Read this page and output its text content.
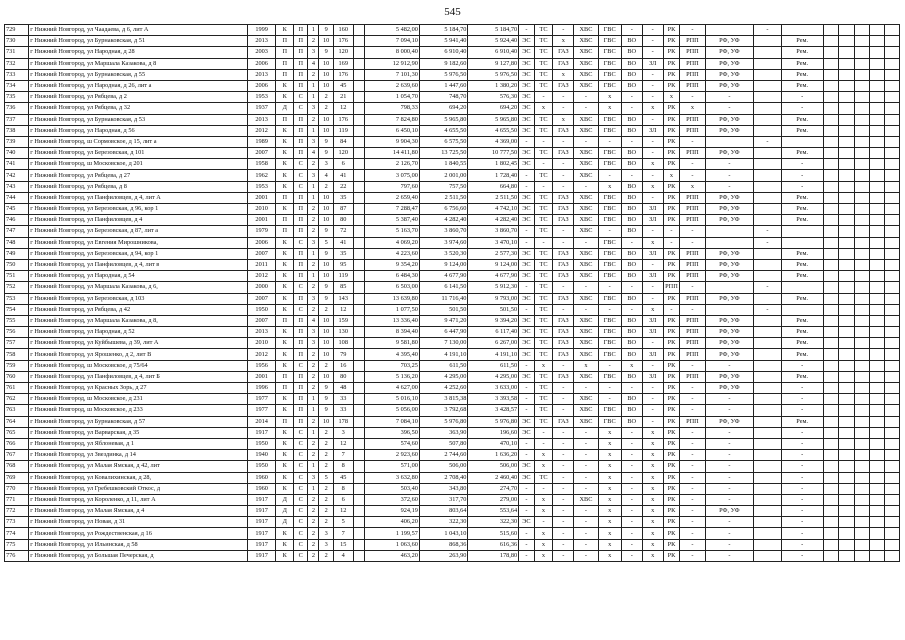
545
729	г Нижний Новгород, ул Чаадаева, д 6, лит А	1999	К	П	1	9	160		5 482,00	5 184,70	5 184,70	-	ТС	-	ХВС	ГВС	-	-	РК	-		-						
730	г Нижний Новгород, ул Бурнаковская, д 51	2013	П	П	2	10	176		7 094,10	5 941,40	5 924,40	ЭС	ТС	х	ХВС	ГВС	ВО	-	РК	РПП	РФ, УФ		Рем.					
731	г Нижний Новгород, ул Народная, д 28	2003	П	П	3	9	120		8 000,40	6 910,40	6 910,40	ЭС	ТС	ГАЗ	ХВС	ГВС	ВО	-	РК	РПП	РФ, УФ		Рем.					
732	г Нижний Новгород, ул Маршала Казакова, д 8	2006	П	П	4	10	169		12 912,90	9 182,60	9 127,80	ЭС	ТС	ГАЗ	ХВС	ГВС	ВО	ЗЛ	РК	РПП	РФ, УФ		Рем.					
733	г Нижний Новгород, ул Бурнаковская, д 55	2013	П	П	2	10	176		7 101,30	5 976,50	5 976,50	ЭС	ТС	х	ХВС	ГВС	ВО	-	РК	РПП	РФ, УФ		Рем.					
734	г Нижний Новгород, ул Народная, д 26, лит а	2006	К	П	1	10	45		2 639,60	1 447,60	1 380,20	ЭС	ТС	ГАЗ	ХВС	ГВС	ВО	-	РК	РПП	РФ, УФ		Рем.					
735	г Нижний Новгород, ул Рябцева, д 2	1953	К	С	1	2	21		1 054,70	748,70	576,30	ЭС	-	-	-	х	-	-	х	-	-		-					
736	г Нижний Новгород, ул Рябцева, д 32	1937	Д	С	3	2	12		798,33	694,20	694,20	ЭС	х	-	-	х	-	х	РК	х	-		-					
737	г Нижний Новгород, ул Бурнаковская, д 53	2013	П	П	2	10	176		7 824,80	5 965,80	5 965,80	ЭС	ТС	х	ХВС	ГВС	ВО	-	РК	РПП	РФ, УФ		Рем.					
738	г Нижний Новгород, ул Народная, д 56	2012	К	П	1	10	119		6 450,10	4 655,50	4 655,50	ЭС	ТС	ГАЗ	ХВС	ГВС	ВО	ЗЛ	РК	РПП	РФ, УФ		Рем.					
739	г Нижний Новгород, ш Сормовское, д 15, лит а	1989	К	П	3	9	84		9 904,30	6 575,50	4 369,00	-	-	-	-	-	-	-	РК	-		-						
740	г Нижний Новгород, ул Березовская, д 101	2007	К	П	4	9	120		14 411,80	13 725,50	10 777,50	ЭС	ТС	ГАЗ	ХВС	ГВС	ВО	-	РК	РПП	РФ, УФ		Рем.					
741	г Нижний Новгород, ш Московское, д 201	1958	К	С	2	3	6		2 126,70	1 840,55	1 802,45	ЭС	-	-	ХВС	ГВС	ВО	х	РК	-	-		-					
742	г Нижний Новгород, ул Рябцева, д 27	1962	К	С	3	4	41		3 075,00	2 001,00	1 728,40	-	ТС	-	ХВС	-	-	-	х	-	-		-					
743	г Нижний Новгород, ул Рябцева, д 8	1953	К	С	1	2	22		797,60	757,50	664,80	-	-	-	-	х	ВО	х	РК	х	-		-					
744	г Нижний Новгород, ул Панфиловцев, д 4, лит А	2001	П	П	1	10	35		2 659,40	2 511,50	2 511,50	ЭС	ТС	ГАЗ	ХВС	ГВС	ВО	-	РК	РПП	РФ, УФ		Рем.					
745	г Нижний Новгород, ул Березовская, д 96, кор 1	2010	К	П	2	10	87		7 288,47	6 756,60	4 742,10	ЭС	ТС	ГАЗ	ХВС	ГВС	ВО	ЗЛ	РК	РПП	РФ, УФ		Рем.					
746	г Нижний Новгород, ул Панфиловцев, д 4	2001	П	П	2	10	80		5 387,40	4 282,40	4 282,40	ЭС	ТС	ГАЗ	ХВС	ГВС	ВО	ЗЛ	РК	РПП	РФ, УФ		Рем.					
747	г Нижний Новгород, ул Березовская, д 87, лит а	1979	П	П	2	9	72		5 163,70	3 860,70	3 860,70	-	ТС	-	ХВС	-	ВО	-	-	-		-						
748	г Нижний Новгород, ул Евгения Мирошникова,	2006	К	С	3	5	41		4 069,20	3 974,60	3 470,10	-	-	-	-	ГВС	-	х	-	-		-						
749	г Нижний Новгород, ул Березовская, д 94, кор 1	2007	К	П	1	9	35		4 223,60	3 520,30	2 577,30	ЭС	ТС	ГАЗ	ХВС	ГВС	ВО	ЗЛ	РК	РПП	РФ, УФ		Рем.					
750	г Нижний Новгород, ул Панфиловцев, д 4, лит в	2011	К	П	2	10	95		9 354,20	9 124,00	9 124,00	ЭС	ТС	ГАЗ	ХВС	ГВС	ВО	-	РК	РПП	РФ, УФ		Рем.					
751	г Нижний Новгород, ул Народная, д 54	2012	К	П	1	10	119		6 484,30	4 677,90	4 677,90	ЭС	ТС	ГАЗ	ХВС	ГВС	ВО	ЗЛ	РК	РПП	РФ, УФ		Рем.					
752	г Нижний Новгород, ул Маршала Казакова, д 6,	2000	К	С	2	9	85		6 503,00	6 141,50	5 912,30	-	ТС	-	-	-	-	-	РПП	-		-						
753	г Нижний Новгород, ул Березовская, д 103	2007	К	П	3	9	143		13 639,80	11 716,40	9 793,00	ЭС	ТС	ГАЗ	ХВС	ГВС	ВО	-	РК	РПП	РФ, УФ		Рем.					
754	г Нижний Новгород, ул Рябцева, д 42	1950	К	С	2	2	12		1 077,50	501,50	501,50	-	ТС	-	-	-	-	х	-	-		-						
755	г Нижний Новгород, ул Маршала Казакова, д 8,	2007	П	П	4	10	159		13 336,40	9 471,20	9 394,20	ЭС	ТС	ГАЗ	ХВС	ГВС	ВО	ЗЛ	РК	РПП	РФ, УФ		Рем.					
756	г Нижний Новгород, ул Народная, д 52	2013	К	П	3	10	130		8 394,40	6 447,90	6 117,40	ЭС	ТС	ГАЗ	ХВС	ГВС	ВО	ЗЛ	РК	РПП	РФ, УФ		Рем.					
757	г Нижний Новгород, ул Куйбышева, д 39, лит А	2010	К	П	3	10	108		9 581,80	7 130,00	6 267,00	ЭС	ТС	ГАЗ	ХВС	ГВС	ВО	-	РК	РПП	РФ, УФ		Рем.					
758	г Нижний Новгород, ул Ярошенко, д 2, лит В	2012	К	П	2	10	79		4 395,40	4 191,10	4 191,10	ЭС	ТС	ГАЗ	ХВС	ГВС	ВО	ЗЛ	РК	РПП	РФ, УФ		Рем.					
759	г Нижний Новгород, ш Московское, д 75/64	1956	К	С	2	2	16		703,25	611,50	611,50	-	х	-	х	-	х	-	РК	-	-		-					
760	г Нижний Новгород, ул Панфиловцев, д 4, лит Б	2001	П	П	2	10	80		5 136,20	4 295,00	4 295,00	ЭС	ТС	ГАЗ	ХВС	ГВС	ВО	ЗЛ	РК	РПП	РФ, УФ		Рем.					
761	г Нижний Новгород, ул Красных Зорь, д 27	1996	П	П	2	9	48		4 627,00	4 252,60	3 633,00	-	ТС	-	-	-	-	-	РК	-	РФ, УФ		-					
762	г Нижний Новгород, ш Московское, д 231	1977	К	П	1	9	33		5 016,10	3 815,38	3 393,58	-	ТС	-	ХВС	-	ВО	-	РК	-	-		-					
763	г Нижний Новгород, ш Московское, д 233	1977	К	П	1	9	33		5 056,00	3 792,68	3 428,57	-	ТС	-	ХВС	ГВС	ВО	-	РК	-	-		-					
764	г Нижний Новгород, ул Бурнаковская, д 57	2014	П	П	2	10	178		7 084,10	5 976,80	5 976,80	ЭС	ТС	ГАЗ	ХВС	ГВС	ВО	-	РК	РПП	РФ, УФ		Рем.					
765	г Нижний Новгород, ул Варварская, д 35	1917	К	С	1	2	3		396,50	363,90	196,60	ЭС	-	-	-	х	-	х	РК	-	-		-					
766	г Нижний Новгород, ул Яблоневая, д 1	1950	К	С	2	2	12		574,60	507,80	470,10	-	-	-	-	х	-	х	РК	-	-		-					
767	г Нижний Новгород, ул Звездинка, д 14	1940	К	С	2	2	7		2 923,60	2 744,60	1 636,20	-	х	-	-	х	-	х	РК	-	-		-					
768	г Нижний Новгород, ул Малая Ямская, д 42, лит	1950	К	С	1	2	8		571,00	506,00	506,00	ЭС	х	-	-	х	-	х	РК	-	-		-					
769	г Нижний Новгород, ул Ковалихинская, д 28,	1960	К	С	3	5	45		3 632,80	2 708,40	2 460,40	ЭС	ТС	-	-	х	-	х	РК	-	-		-					
770	г Нижний Новгород, ул Гребешковский Откос, д	1960	К	С	1	2	8		503,40	343,80	274,70	-	-	-	-	х	-	х	РК	-	-		-					
771	г Нижний Новгород, ул Короленко, д 11, лит А	1917	Д	С	2	2	6		372,60	317,70	279,00	-	х	-	ХВС	х	-	х	РК	-	-		-					
772	г Нижний Новгород, ул Малая Ямская, д 4	1917	Д	С	2	2	12		924,19	803,64	553,64	-	х	-	-	х	-	х	РК	-	РФ, УФ		-					
773	г Нижний Новгород, ул Новая, д 31	1917	Д	С	2	2	5		406,20	322,30	322,30	ЭС	-	-	-	х	-	х	РК	-	-		-					
774	г Нижний Новгород, ул Рождественская, д 16	1917	К	С	2	3	7		1 199,57	1 043,10	515,60	-	х	-	-	х	-	х	РК	-	-		-					
775	г Нижний Новгород, ул Ильинская, д 58	1917	К	С	2	3	15		1 063,60	868,36	616,36	-	х	-	-	х	-	х	РК	-	-		-					
776	г Нижний Новгород, ул Большая Печерская, д	1917	К	С	2	2	4		463,20	263,90	178,80	-	х	-	-	х	-	х	РК	-	-		-					
